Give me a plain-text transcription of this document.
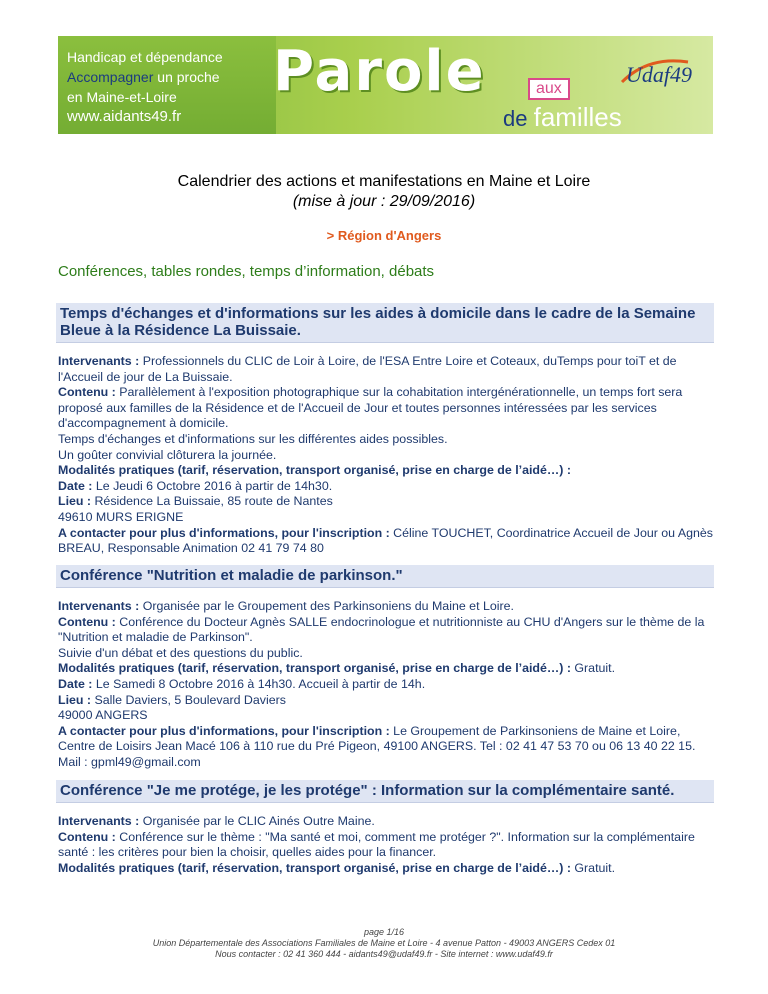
Handicap et dépendance
Accompagner un proche
en Maine-et-Loire
www.aidants49.fr
Parole	aux
de familles
Udaf49
Calendrier des actions et manifestations en Maine et Loire
(mise à jour : 29/09/2016)
> Région d'Angers
Conférences, tables rondes, temps d’information, débats
Temps d'échanges et d'informations sur les aides à domicile dans le cadre de la Semaine Bleue à la Résidence La Buissaie.
Intervenants : Professionnels du CLIC de Loir à Loire, de l'ESA Entre Loire et Coteaux, duTemps pour toiT et de l'Accueil de jour de La Buissaie.
Contenu : Parallèlement à l'exposition photographique sur la cohabitation intergénérationnelle, un temps fort sera proposé aux familles de la Résidence et de l'Accueil de Jour et toutes personnes intéressées par les services d'accompagnement à domicile.
Temps d'échanges et d'informations sur les différentes aides possibles.
Un goûter convivial clôturera la journée.
Modalités pratiques (tarif, réservation, transport organisé, prise en charge de l’aidé…) :
Date : Le Jeudi 6 Octobre 2016 à partir de 14h30.
Lieu : Résidence La Buissaie, 85 route de Nantes
49610 MURS ERIGNE
A contacter pour plus d'informations, pour l'inscription : Céline TOUCHET, Coordinatrice Accueil de Jour ou Agnès BREAU, Responsable Animation 02 41 79 74 80
Conférence "Nutrition et maladie de parkinson."
Intervenants : Organisée par le Groupement des Parkinsoniens du Maine et Loire.
Contenu : Conférence du Docteur Agnès SALLE endocrinologue et nutritionniste au CHU d'Angers sur le thème de la "Nutrition et maladie de Parkinson".
Suivie d'un débat et des questions du public.
Modalités pratiques (tarif, réservation, transport organisé, prise en charge de l’aidé…) : Gratuit.
Date : Le Samedi 8 Octobre 2016 à 14h30. Accueil à partir de 14h.
Lieu : Salle Daviers, 5 Boulevard Daviers
49000 ANGERS
A contacter pour plus d'informations, pour l'inscription : Le Groupement de Parkinsoniens de Maine et Loire, Centre de Loisirs Jean Macé 106 à 110 rue du Pré Pigeon, 49100 ANGERS. Tel : 02 41 47 53 70 ou 06 13 40 22 15. Mail : gpml49@gmail.com
Conférence "Je me protége, je les protége" : Information sur la complémentaire santé.
Intervenants : Organisée par le CLIC Ainés Outre Maine.
Contenu : Conférence sur le thème : "Ma santé et moi, comment me protéger ?". Information sur la complémentaire santé : les critères pour bien la choisir, quelles aides pour la financer.
Modalités pratiques (tarif, réservation, transport organisé, prise en charge de l’aidé…) : Gratuit.
page 1/16
Union Départementale des Associations Familiales de Maine et Loire - 4 avenue Patton - 49003 ANGERS Cedex 01
Nous contacter : 02 41 360 444 - aidants49@udaf49.fr - Site internet : www.udaf49.fr
